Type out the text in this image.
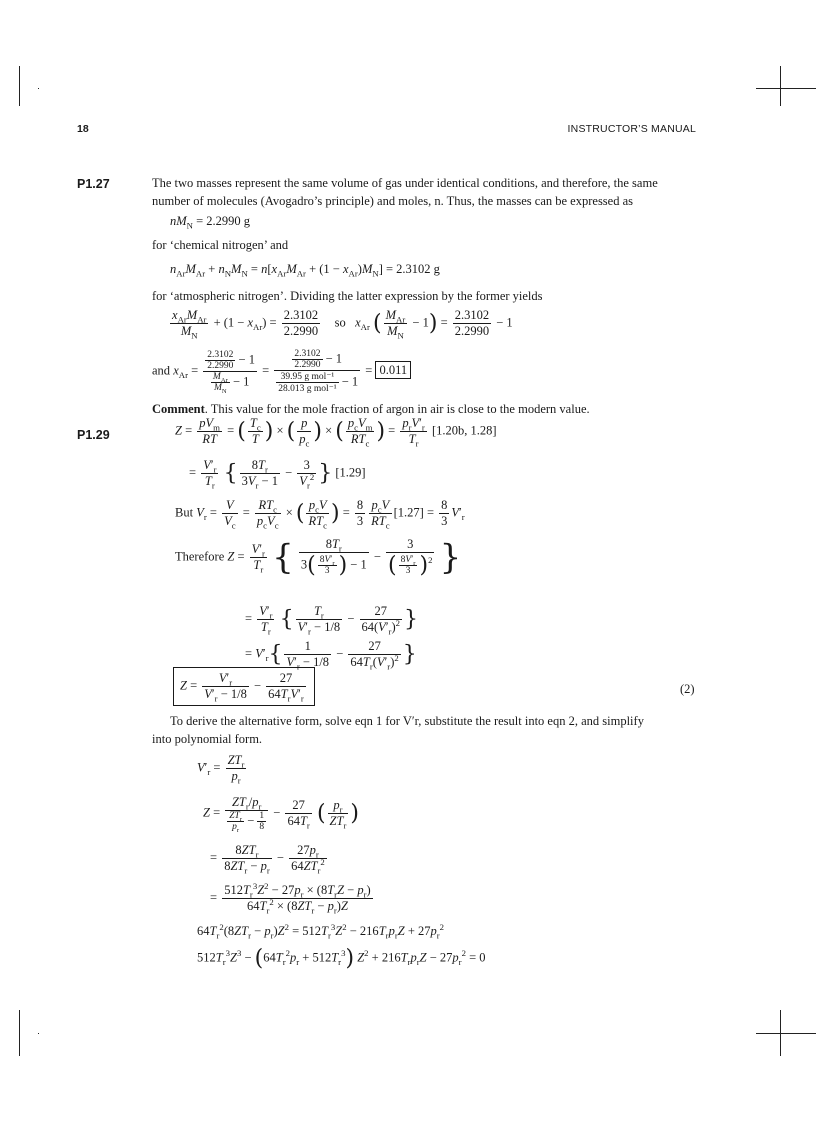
18	INSTRUCTOR’S MANUAL
P1.27	The two masses represent the same volume of gas under identical conditions, and therefore, the same
number of molecules (Avogadro’s principle) and moles, n. Thus, the masses can be expressed as
$nM_N = 2.2990$ g
for ‘chemical nitrogen’ and
$n_{Ar}M_{Ar} + n_NM_N = n[x_{Ar}M_{Ar} + (1 - x_{Ar})M_N] = 2.3102$ g
for ‘atmospheric nitrogen’. Dividing the latter expression by the former yields
$\frac{x_{Ar}M_{Ar}}{M_N} + (1 - x_{Ar}) = \frac{2.3102}{2.2990}$ so $x_{Ar}$ ( $\frac{M_{Ar}}{M_N} - 1) = \frac{2.3102}{2.2990} - 1$
and $x_{Ar} = \frac{\frac{2.3102}{2.2990} - 1}{\frac{M_{Ar}}{M_N} - 1} = \frac{\frac{2.3102}{2.2990} - 1}{\frac{\text{39.95 g mol⁻¹}}{\text{28.013 g mol⁻¹}} - 1} = 0.011$
Comment. This value for the mole fraction of argon in air is close to the modern value.
P1.29	$Z = \frac{pV_m}{RT}$ = ( $\frac{T_c}{T}$ ) × ( $\frac{p}{p_c}$ ) × ( $\frac{p_cV_m}{RT_c}$ ) = $\frac{p_rV'_r}{T_r} [1.20b$, 1.28]
= $\frac{V'_r}{T_r}$ { $\frac{8T_r}{3V_r - 1} - \frac{3}{V_r^2}$ } [1.29]
But $V_r = \frac{V}{V_c} = \frac{RT_c}{p_cV_c}$ × ( $\frac{p_cV}{RT_c}$ ) = $\frac{8}{3} \frac{p_cV}{RT_c} [1.27] = \frac{8}{3} V'_r$
Therefore $Z = \frac{V'_r}{T_r}$ { $\frac{8T_r}{3( \frac{8V'_r}{3} ) - 1} - \frac{3}{( \frac{8V'_r}{3} )^2}$ }
= $\frac{V'_r}{T_r}$ { $\frac{T_r}{V'_r - 1/8} - \frac{27}{64(V'_r)^2}$ }
= $V'_r\{ \frac{1}{V'_r - 1/8} - \frac{27}{64T_r(V'_r)^2}$ }
$Z = \frac{V'_r}{V'_r - 1/8} - \frac{27}{64T_rV'_r}$	(2)
To derive the alternative form, solve eqn 1 for V′r, substitute the result into eqn 2, and simplify
into polynomial form.
$V'_r = \frac{ZT_r}{p_r}$
$Z = \frac{ZT_r/p_r}{\frac{ZT_r}{p_r} - \frac{1}{8}} - \frac{27}{64T_r}$ ( $\frac{p_r}{ZT_r}$ )
= $\frac{8ZT_r}{8ZT_r - p_r} - \frac{27p_r}{64ZT_r^2}$
= $\frac{512T_r^3Z^2 - 27p_r \times (8T_rZ - p_r)}{64T_r^2 \times (8ZT_r - p_r)Z}$
$64T_r^2(8ZT_r - p_r)Z^2 = 512T_r^3Z^2 - 216T_rp_rZ + 27p_r^2$
$512T_r^3Z^3 - (64T_r^2p_r + 512T_r^3) Z^2 + 216T_rp_rZ - 27p_r^2 = 0$
